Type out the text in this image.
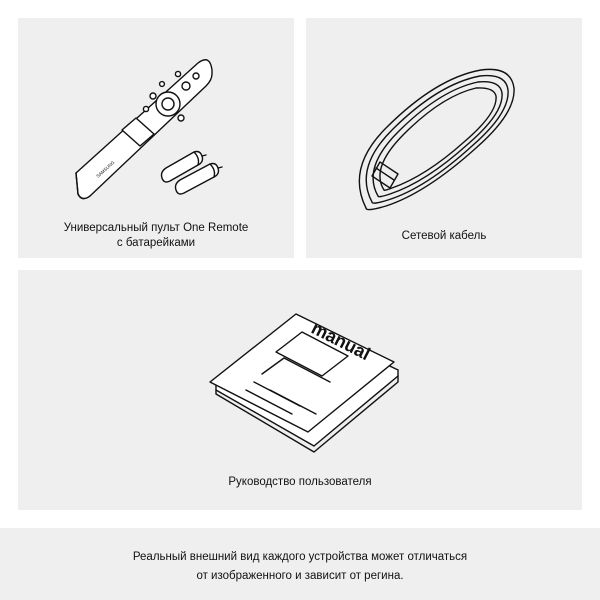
SAMSUNG
Универсальный пульт One Remote
с батарейками
Сетевой кабель
manual
Руководство пользователя
Реальный внешний вид каждого устройства может отличаться
от изображенного и зависит от регина.
